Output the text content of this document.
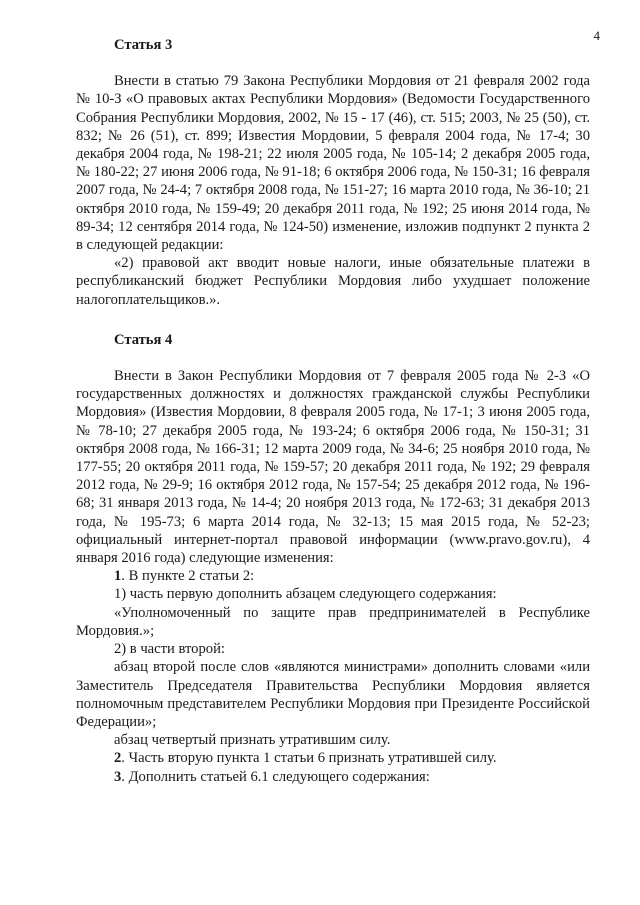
4
Статья 3

Внести в статью 79 Закона Республики Мордовия от 21 февраля 2002 года № 10-З «О правовых актах Республики Мордовия» (Ведомости Государственного Собрания Республики Мордовия, 2002, № 15 - 17 (46), ст. 515; 2003, № 25 (50), ст. 832; № 26 (51), ст. 899; Известия Мордовии, 5 февраля 2004 года, № 17-4; 30 декабря 2004 года, № 198-21; 22 июля 2005 года, № 105-14; 2 декабря 2005 года, № 180-22; 27 июня 2006 года, № 91-18; 6 октября 2006 года, № 150-31; 16 февраля 2007 года, № 24-4; 7 октября 2008 года, № 151-27; 16 марта 2010 года, № 36-10; 21 октября 2010 года, № 159-49; 20 декабря 2011 года, № 192; 25 июня 2014 года, № 89-34; 12 сентября 2014 года, № 124-50) изменение, изложив подпункт 2 пункта 2 в следующей редакции:

«2) правовой акт вводит новые налоги, иные обязательные платежи в республиканский бюджет Республики Мордовия либо ухудшает положение налогоплательщиков.».

Статья 4

Внести в Закон Республики Мордовия от 7 февраля 2005 года № 2-З «О государственных должностях и должностях гражданской службы Республики Мордовия» (Известия Мордовии, 8 февраля 2005 года, № 17-1; 3 июня 2005 года, № 78-10; 27 декабря 2005 года, № 193-24; 6 октября 2006 года, № 150-31; 31 октября 2008 года, № 166-31; 12 марта 2009 года, № 34-6; 25 ноября 2010 года, № 177-55; 20 октября 2011 года, № 159-57; 20 декабря 2011 года, № 192; 29 февраля 2012 года, № 29-9; 16 октября 2012 года, № 157-54; 25 декабря 2012 года, № 196-68; 31 января 2013 года, № 14-4; 20 ноября 2013 года, № 172-63; 31 декабря 2013 года, № 195-73; 6 марта 2014 года, № 32-13; 15 мая 2015 года, № 52-23; официальный интернет-портал правовой информации (www.pravo.gov.ru), 4 января 2016 года) следующие изменения:

1. В пункте 2 статьи 2:

1) часть первую дополнить абзацем следующего содержания:

«Уполномоченный по защите прав предпринимателей в Республике Мордовия.»;

2) в части второй:

абзац второй после слов «являются министрами» дополнить словами «или Заместитель Председателя Правительства Республики Мордовия является полномочным представителем Республики Мордовия при Президенте Российской Федерации»;

абзац четвертый признать утратившим силу.

2. Часть вторую пункта 1 статьи 6 признать утратившей силу.

3. Дополнить статьей 6.1 следующего содержания:
